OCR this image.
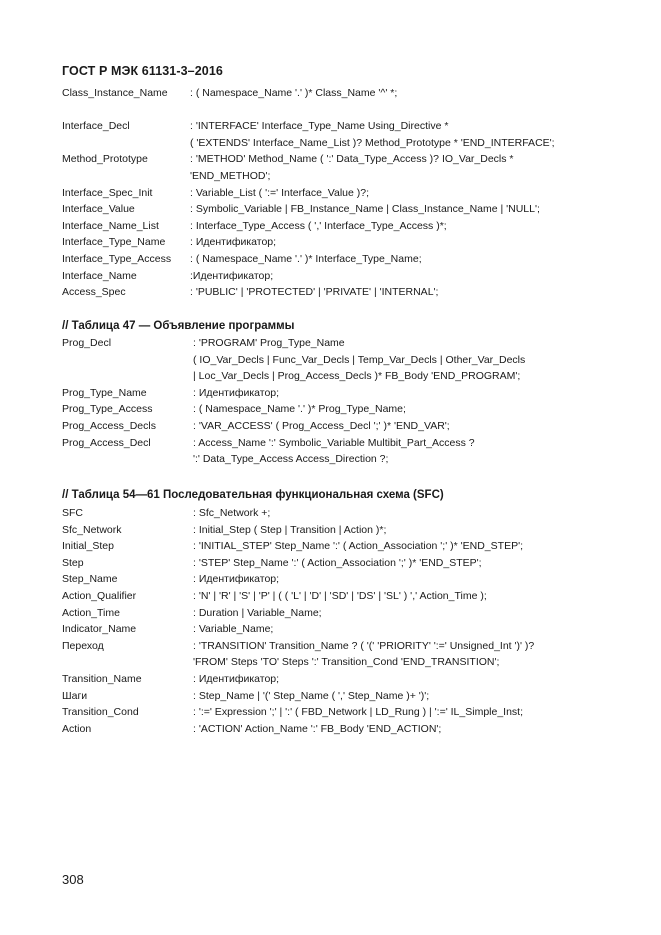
ГОСТ Р МЭК 61131-3–2016
Class_Instance_Name : ( Namespace_Name '.' )* Class_Name '^' *;
Interface_Decl	: 'INTERFACE' Interface_Type_Name Using_Directive *
( 'EXTENDS' Interface_Name_List )? Method_Prototype * 'END_INTERFACE';
Method_Prototype	: 'METHOD' Method_Name ( ':' Data_Type_Access )? IO_Var_Decls *
'END_METHOD';
Interface_Spec_Init	: Variable_List ( ':=' Interface_Value )?;
Interface_Value	: Symbolic_Variable | FB_Instance_Name | Class_Instance_Name | 'NULL';
Interface_Name_List	: Interface_Type_Access ( ',' Interface_Type_Access )*;
Interface_Type_Name : Идентификатор;
Interface_Type_Access : ( Namespace_Name '.' )* Interface_Type_Name;
Interface_Name	:Идентификатор;
Access_Spec	: 'PUBLIC' | 'PROTECTED' | 'PRIVATE' | 'INTERNAL';
// Таблица 47 — Объявление программы
Prog_Decl	: 'PROGRAM' Prog_Type_Name
( IO_Var_Decls | Func_Var_Decls | Temp_Var_Decls | Other_Var_Decls
| Loc_Var_Decls | Prog_Access_Decls )* FB_Body 'END_PROGRAM';
Prog_Type_Name	: Идентификатор;
Prog_Type_Access	: ( Namespace_Name '.' )* Prog_Type_Name;
Prog_Access_Decls	: 'VAR_ACCESS' ( Prog_Access_Decl ';' )* 'END_VAR';
Prog_Access_Decl	: Access_Name ':' Symbolic_Variable Multibit_Part_Access ?
':' Data_Type_Access Access_Direction ?;
// Таблица 54—61 Последовательная функциональная схема (SFC)
SFC	: Sfc_Network +;
Sfc_Network	: Initial_Step ( Step | Transition | Action )*;
Initial_Step	: 'INITIAL_STEP' Step_Name ':' ( Action_Association ';' )* 'END_STEP';
Step	: 'STEP' Step_Name ':' ( Action_Association ';' )* 'END_STEP';
Step_Name	: Идентификатор;
Action_Qualifier	: 'N' | 'R' | 'S' | 'P' | ( ( 'L' | 'D' | 'SD' | 'DS' | 'SL' ) ',' Action_Time );
Action_Time	: Duration | Variable_Name;
Indicator_Name	: Variable_Name;
Переход	: 'TRANSITION' Transition_Name ? ( '(' 'PRIORITY' ':=' Unsigned_Int ')' )?
'FROM' Steps 'TO' Steps ':' Transition_Cond 'END_TRANSITION';
Transition_Name	: Идентификатор;
Шаги	: Step_Name | '(' Step_Name ( ',' Step_Name )+ ')';
Transition_Cond	: ':=' Expression ';' | ':' ( FBD_Network | LD_Rung ) | ':=' IL_Simple_Inst;
Action	: 'ACTION' Action_Name ':' FB_Body 'END_ACTION';
308
